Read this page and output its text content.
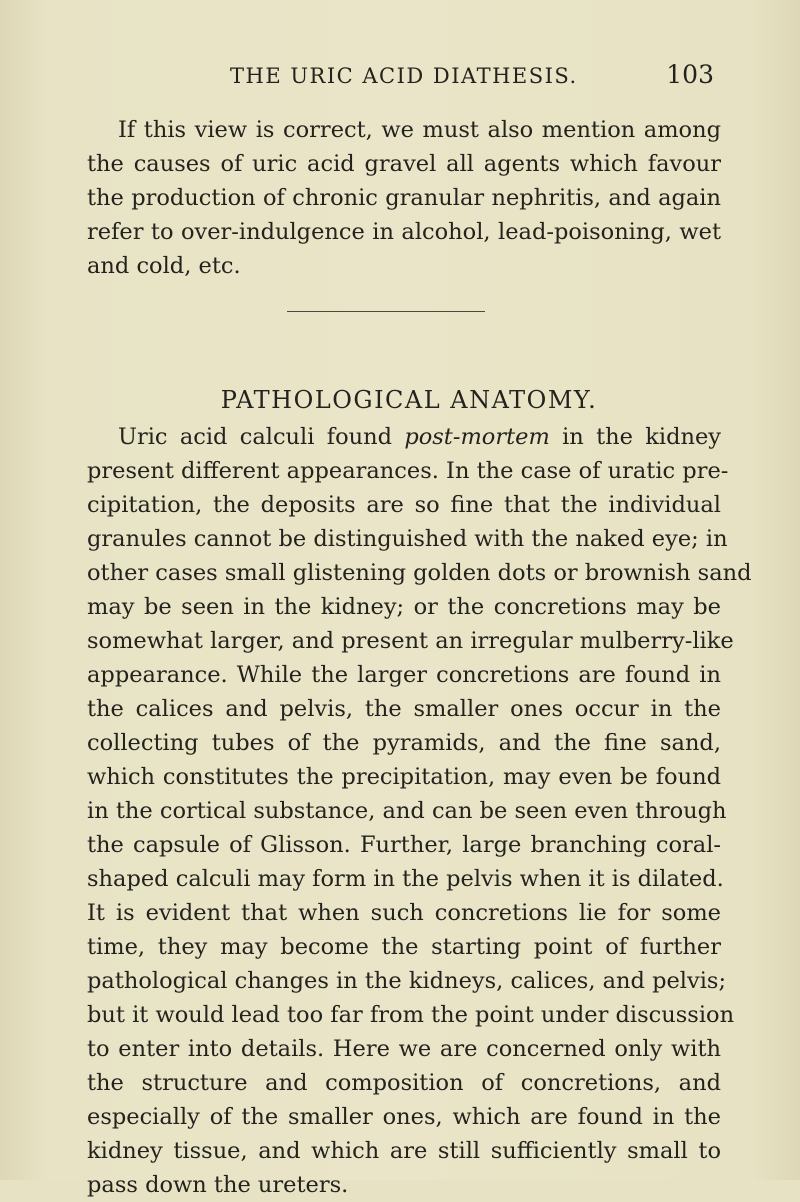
THE URIC ACID DIATHESIS.	103
If this view is correct, we must also mention among
the causes of uric acid gravel all agents which favour
the production of chronic granular nephritis, and again
refer to over-indulgence in alcohol, lead-poisoning, wet
and cold, etc.
PATHOLOGICAL ANATOMY.
Uric acid calculi found post-mortem in the kidney
present different appearances. In the case of uratic pre-
cipitation, the deposits are so fine that the individual
granules cannot be distinguished with the naked eye; in
other cases small glistening golden dots or brownish sand
may be seen in the kidney; or the concretions may be
somewhat larger, and present an irregular mulberry-like
appearance. While the larger concretions are found in
the calices and pelvis, the smaller ones occur in the
collecting tubes of the pyramids, and the fine sand,
which constitutes the precipitation, may even be found
in the cortical substance, and can be seen even through
the capsule of Glisson. Further, large branching coral-
shaped calculi may form in the pelvis when it is dilated.
It is evident that when such concretions lie for some
time, they may become the starting point of further
pathological changes in the kidneys, calices, and pelvis;
but it would lead too far from the point under discussion
to enter into details. Here we are concerned only with
the structure and composition of concretions, and
especially of the smaller ones, which are found in the
kidney tissue, and which are still sufficiently small to
pass down the ureters.
